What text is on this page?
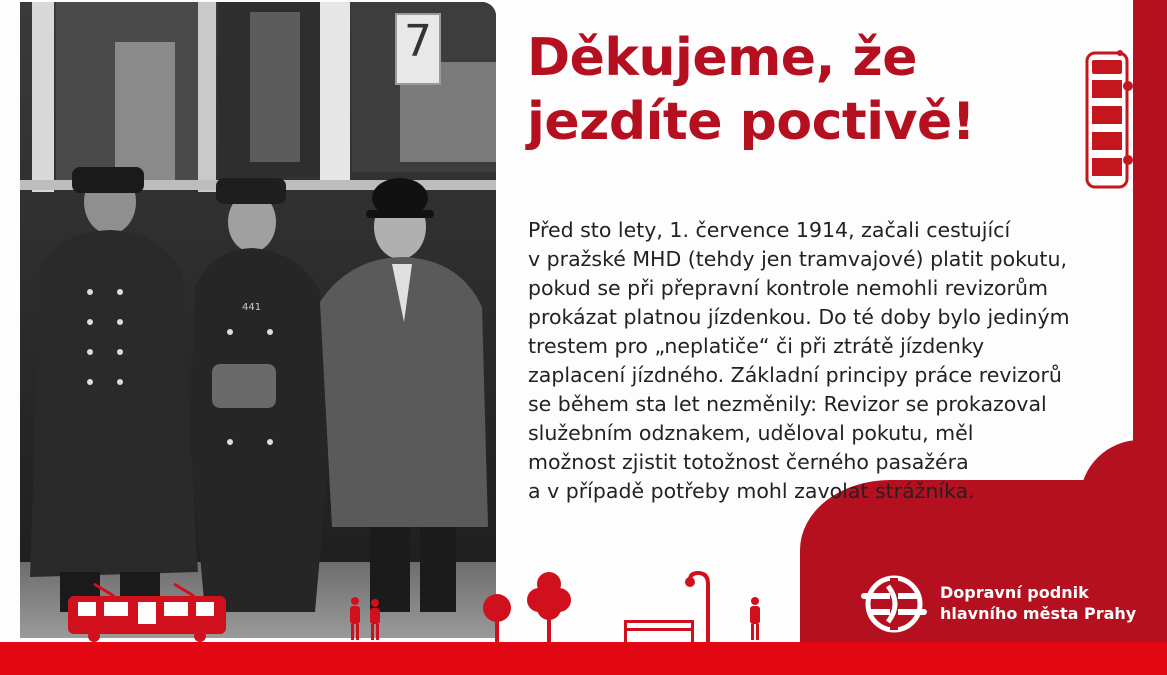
441
7 Děkujeme, že
jezdíte poctivě!
Před sto lety, 1. července 1914, začali cestující
v pražské MHD (tehdy jen tramvajové) platit pokutu,
pokud se při přepravní kontrole nemohli revizorům
prokázat platnou jízdenkou. Do té doby bylo jediným
trestem pro „neplatiče“ či při ztrátě jízdenky
zaplacení jízdného. Základní principy práce revizorů
se během sta let nezměnily: Revizor se prokazoval
služebním odznakem, uděloval pokutu, měl
možnost zjistit totožnost černého pasažéra
a v případě potřeby mohl zavolat strážníka.
Dopravní podnik
hlavního města Prahy
